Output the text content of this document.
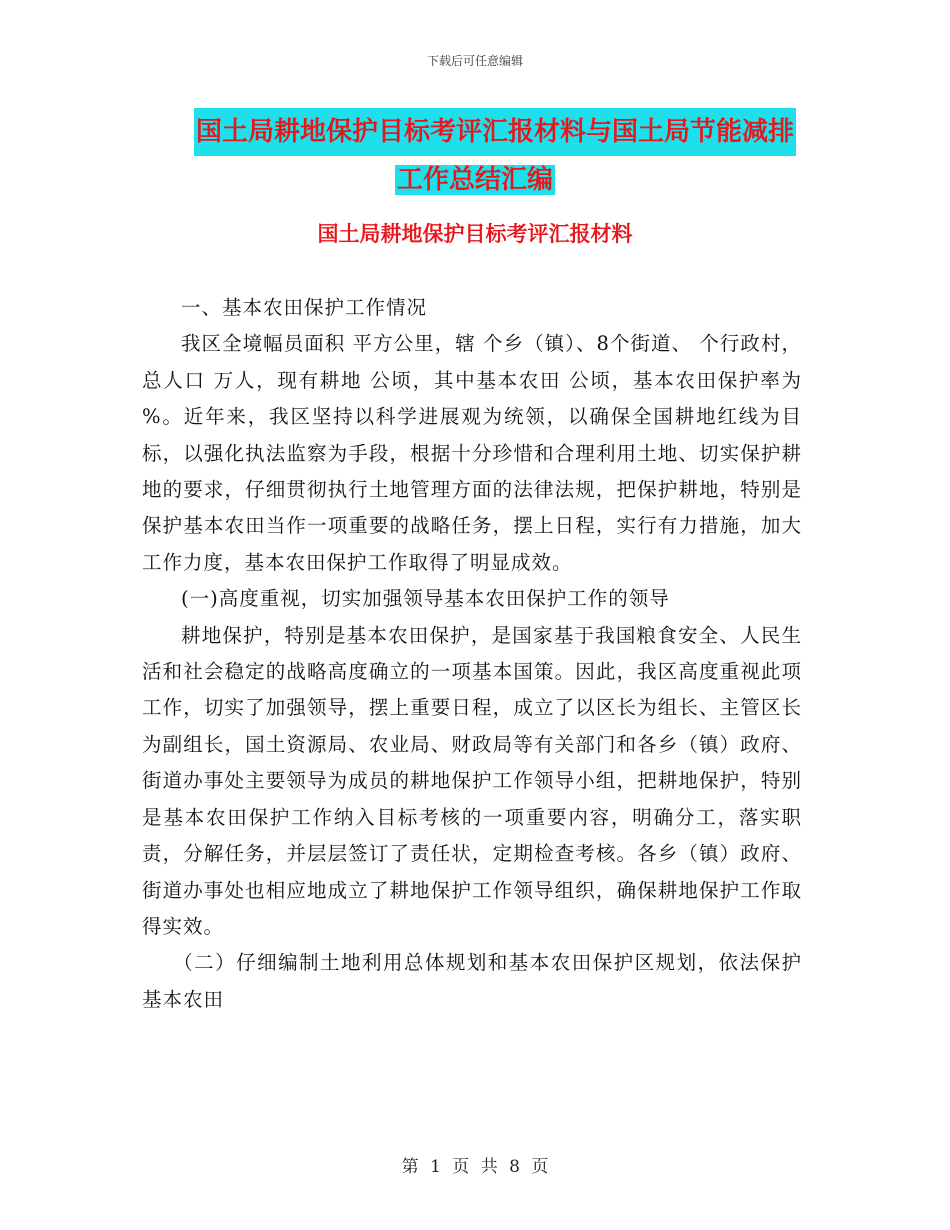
下载后可任意编辑
国土局耕地保护目标考评汇报材料与国土局节能减排
工作总结汇编
国土局耕地保护目标考评汇报材料

一、基本农田保护工作情况

我区全境幅员面积 平方公里，辖 个乡（镇）、8个街道、 个行政村，总人口 万人，现有耕地 公顷，其中基本农田 公顷，基本农田保护率为 %。近年来，我区坚持以科学进展观为统领，以确保全国耕地红线为目标，以强化执法监察为手段，根据十分珍惜和合理利用土地、切实保护耕地的要求，仔细贯彻执行土地管理方面的法律法规，把保护耕地，特别是保护基本农田当作一项重要的战略任务，摆上日程，实行有力措施，加大工作力度，基本农田保护工作取得了明显成效。

(一)高度重视，切实加强领导基本农田保护工作的领导

耕地保护，特别是基本农田保护，是国家基于我国粮食安全、人民生活和社会稳定的战略高度确立的一项基本国策。因此，我区高度重视此项工作，切实了加强领导，摆上重要日程，成立了以区长为组长、主管区长为副组长，国土资源局、农业局、财政局等有关部门和各乡（镇）政府、街道办事处主要领导为成员的耕地保护工作领导小组，把耕地保护，特别是基本农田保护工作纳入目标考核的一项重要内容，明确分工，落实职责，分解任务，并层层签订了责任状，定期检查考核。各乡（镇）政府、街道办事处也相应地成立了耕地保护工作领导组织，确保耕地保护工作取得实效。

（二）仔细编制土地利用总体规划和基本农田保护区规划，依法保护基本农田

第 1 页 共 8 页
